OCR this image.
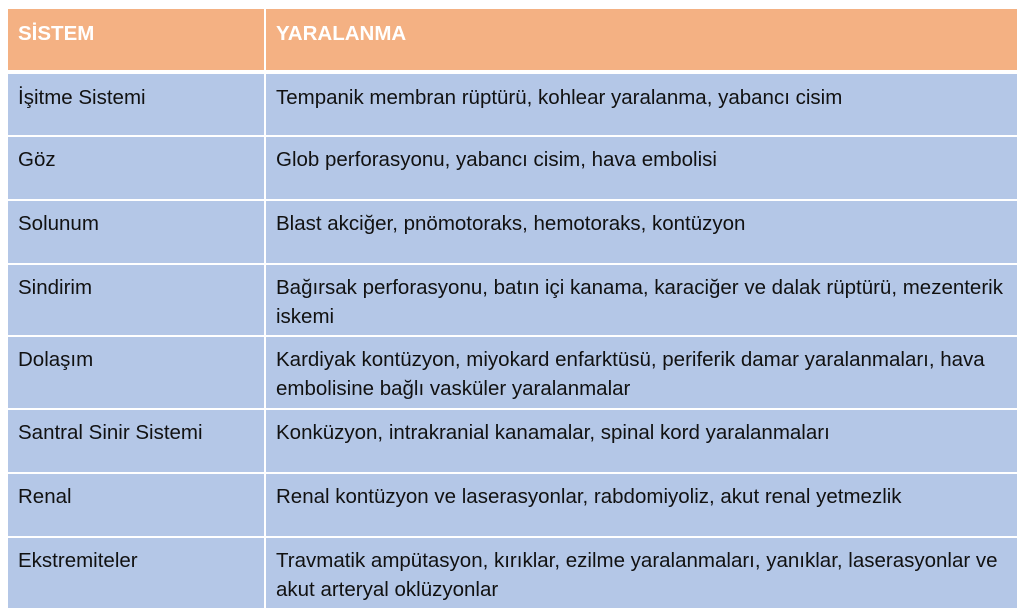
SİSTEM	YARALANMA
İşitme Sistemi	Tempanik membran rüptürü, kohlear yaralanma, yabancı cisim
Göz	Glob perforasyonu, yabancı cisim, hava embolisi
Solunum	Blast akciğer, pnömotoraks, hemotoraks, kontüzyon
Sindirim	Bağırsak perforasyonu, batın içi kanama, karaciğer ve dalak rüptürü, mezenterik iskemi
Dolaşım	Kardiyak kontüzyon, miyokard enfarktüsü, periferik damar yaralanmaları, hava embolisine bağlı vasküler yaralanmalar
Santral Sinir Sistemi	Konküzyon, intrakranial kanamalar, spinal kord yaralanmaları
Renal	Renal kontüzyon ve laserasyonlar, rabdomiyoliz, akut renal yetmezlik
Ekstremiteler	Travmatik ampütasyon, kırıklar, ezilme yaralanmaları, yanıklar, laserasyonlar ve akut arteryal oklüzyonlar
